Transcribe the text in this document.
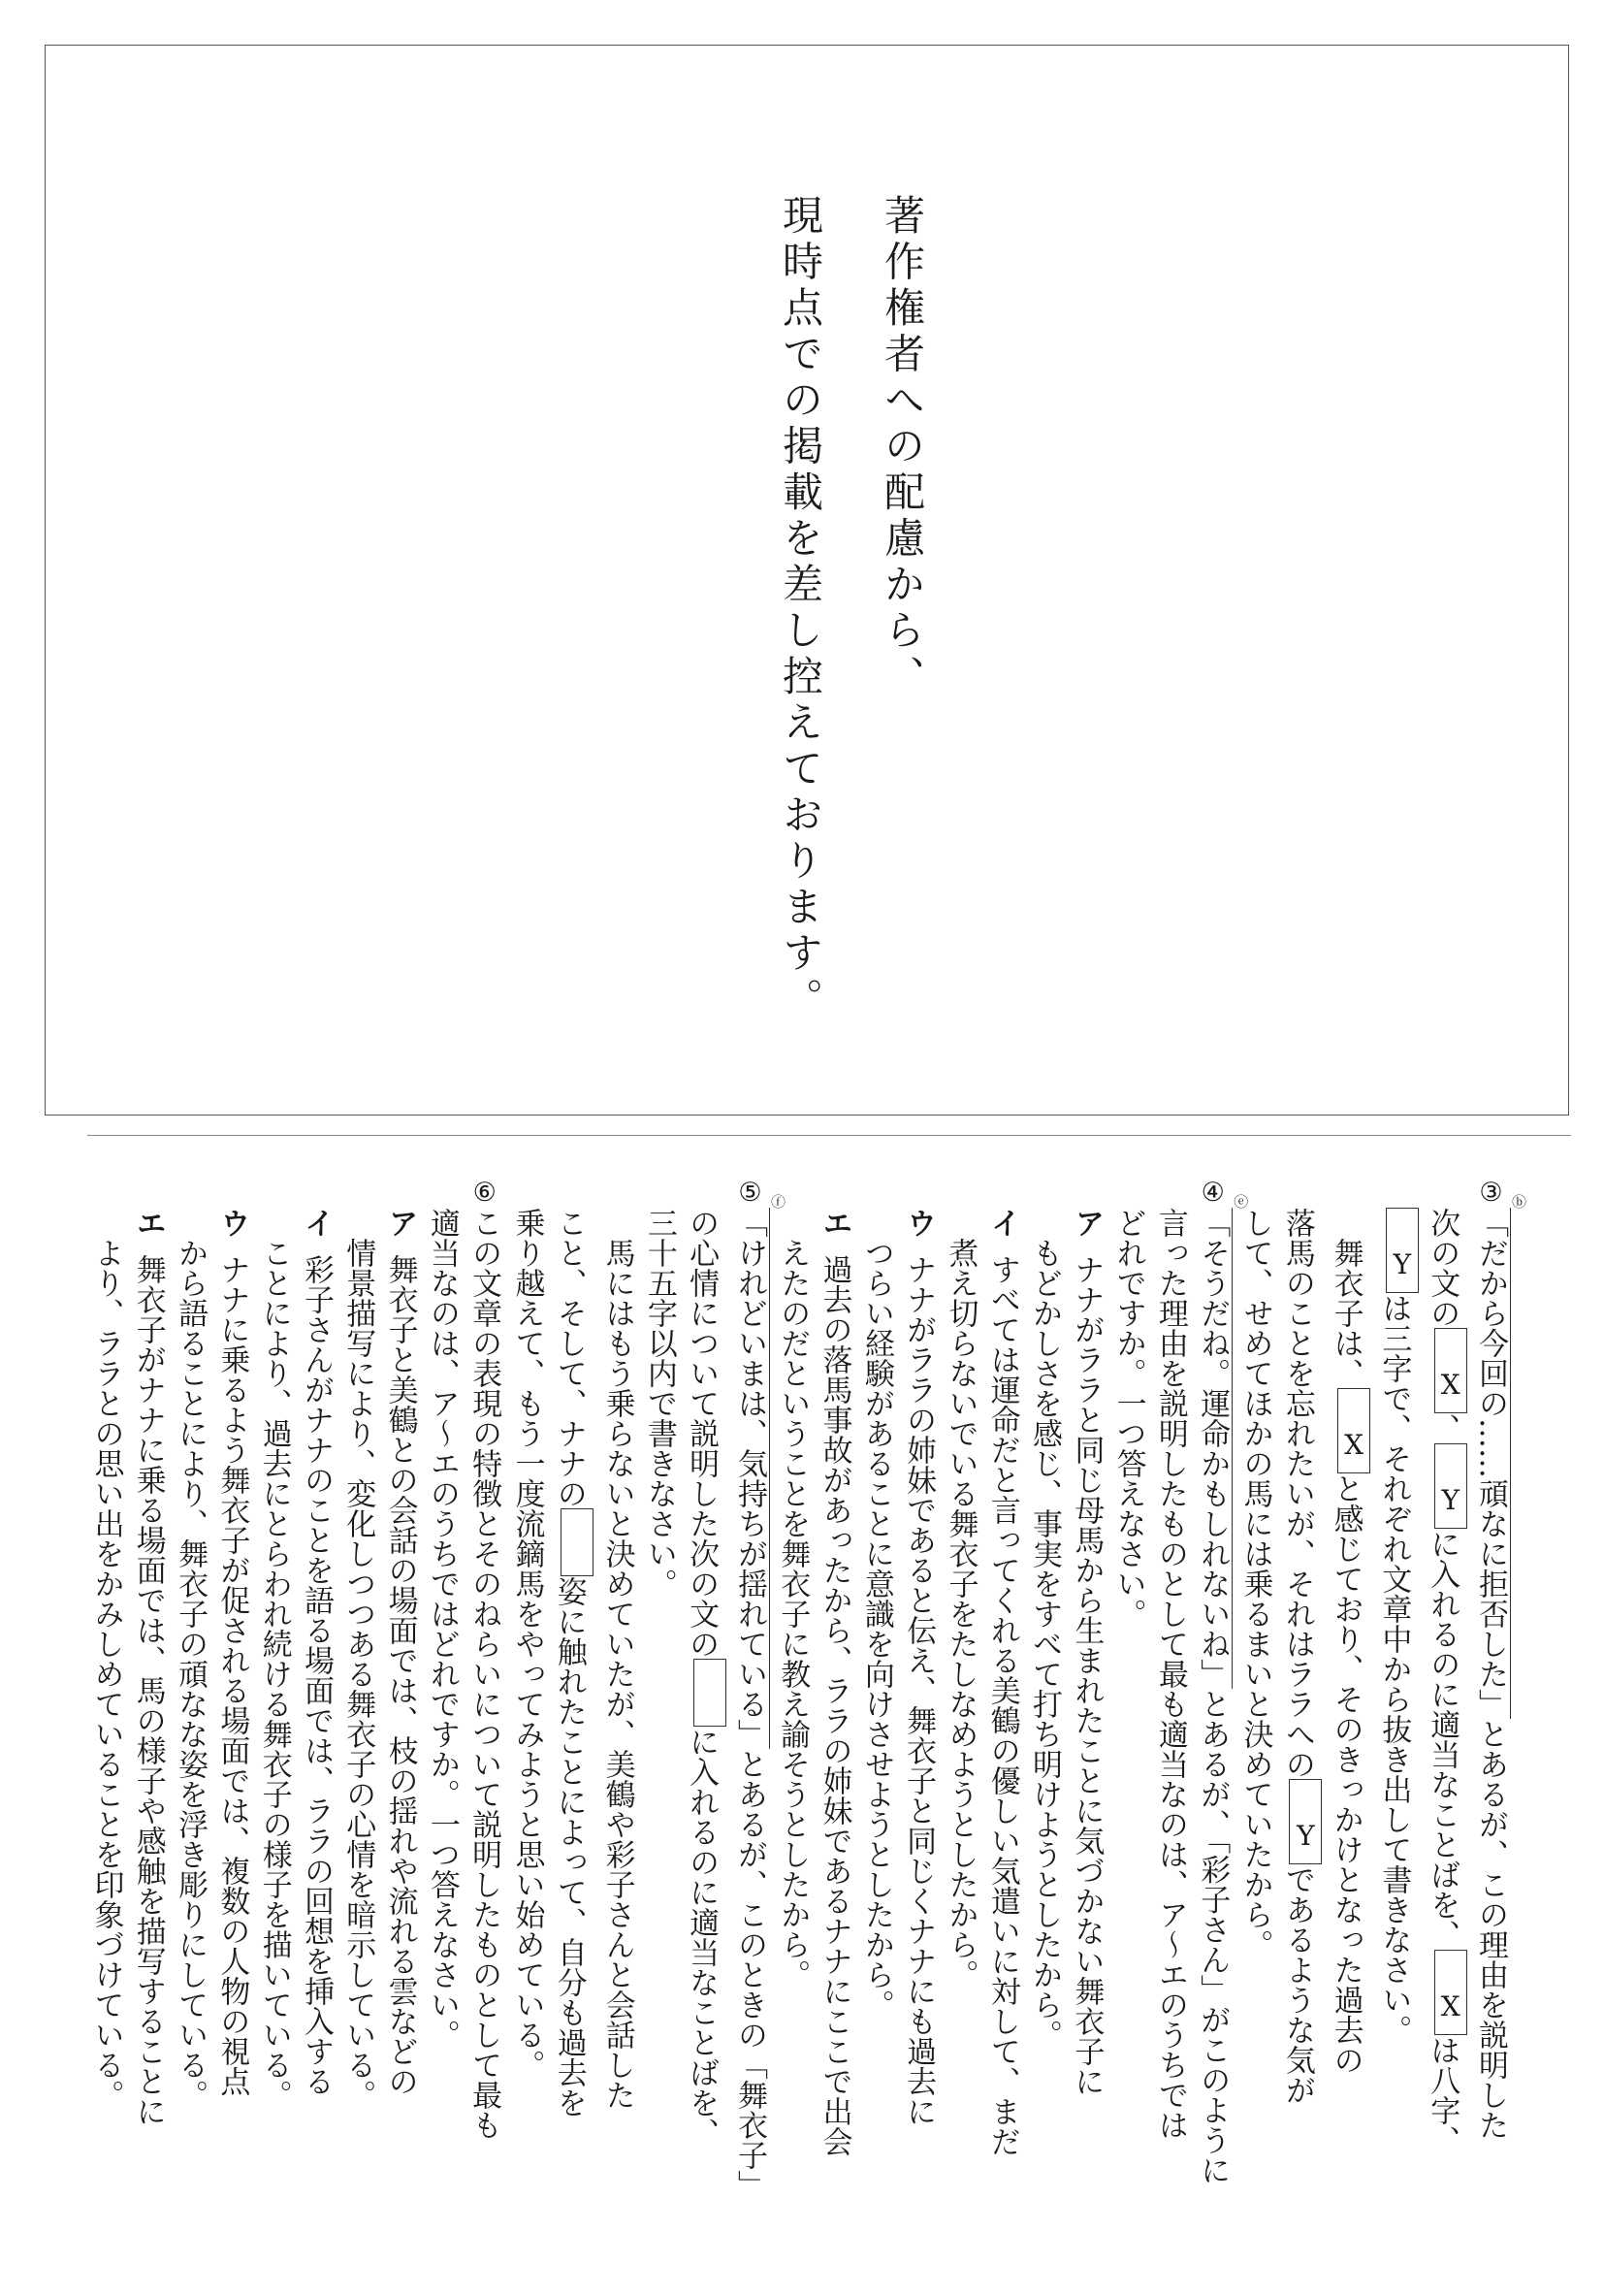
著作権者への配慮から、
現時点での掲載を差し控えております。
③「だから今回の……頑なに拒否した」
ⓑ
とあるが、この理由を説明した
次の文のX、Yに入れるのに適当なことばを、Xは八字、
Yは三字で、それぞれ文章中から抜き出して書きなさい。
舞衣子は、Xと感じており、そのきっかけとなった過去の
落馬のことを忘れたいが、それはララへのYであるような気が
して、せめてほかの馬には乗るまいと決めていたから。
④「そうだね。運命かもしれないね」
ⓔ
とあるが、「彩子さん」がこのように
言った理由を説明したものとして最も適当なのは、ア〜エのうちでは
どれですか。一つ答えなさい。
アナナがララと同じ母馬から生まれたことに気づかない舞衣子に
もどかしさを感じ、事実をすべて打ち明けようとしたから。
イすべては運命だと言ってくれる美鶴の優しい気遣いに対して、まだ
煮え切らないでいる舞衣子をたしなめようとしたから。
ウナナがララの姉妹であると伝え、舞衣子と同じくナナにも過去に
つらい経験があることに意識を向けさせようとしたから。
エ過去の落馬事故があったから、ララの姉妹であるナナにここで出会
えたのだということを舞衣子に教え諭そうとしたから。
⑤「けれどいまは、気持ちが揺れている」
ⓕ
とあるが、このときの「舞衣子」
の心情について説明した次の文のに入れるのに適当なことばを、
三十五字以内で書きなさい。
馬にはもう乗らないと決めていたが、美鶴や彩子さんと会話した
こと、そして、ナナの姿に触れたことによって、自分も過去を
乗り越えて、もう一度流鏑馬をやってみようと思い始めている。
⑥この文章の表現の特徴とそのねらいについて説明したものとして最も
適当なのは、ア〜エのうちではどれですか。一つ答えなさい。
ア舞衣子と美鶴との会話の場面では、枝の揺れや流れる雲などの
情景描写により、変化しつつある舞衣子の心情を暗示している。
イ彩子さんがナナのことを語る場面では、ララの回想を挿入する
ことにより、過去にとらわれ続ける舞衣子の様子を描いている。
ウナナに乗るよう舞衣子が促される場面では、複数の人物の視点
から語ることにより、舞衣子の頑なな姿を浮き彫りにしている。
エ舞衣子がナナに乗る場面では、馬の様子や感触を描写することに
より、ララとの思い出をかみしめていることを印象づけている。
